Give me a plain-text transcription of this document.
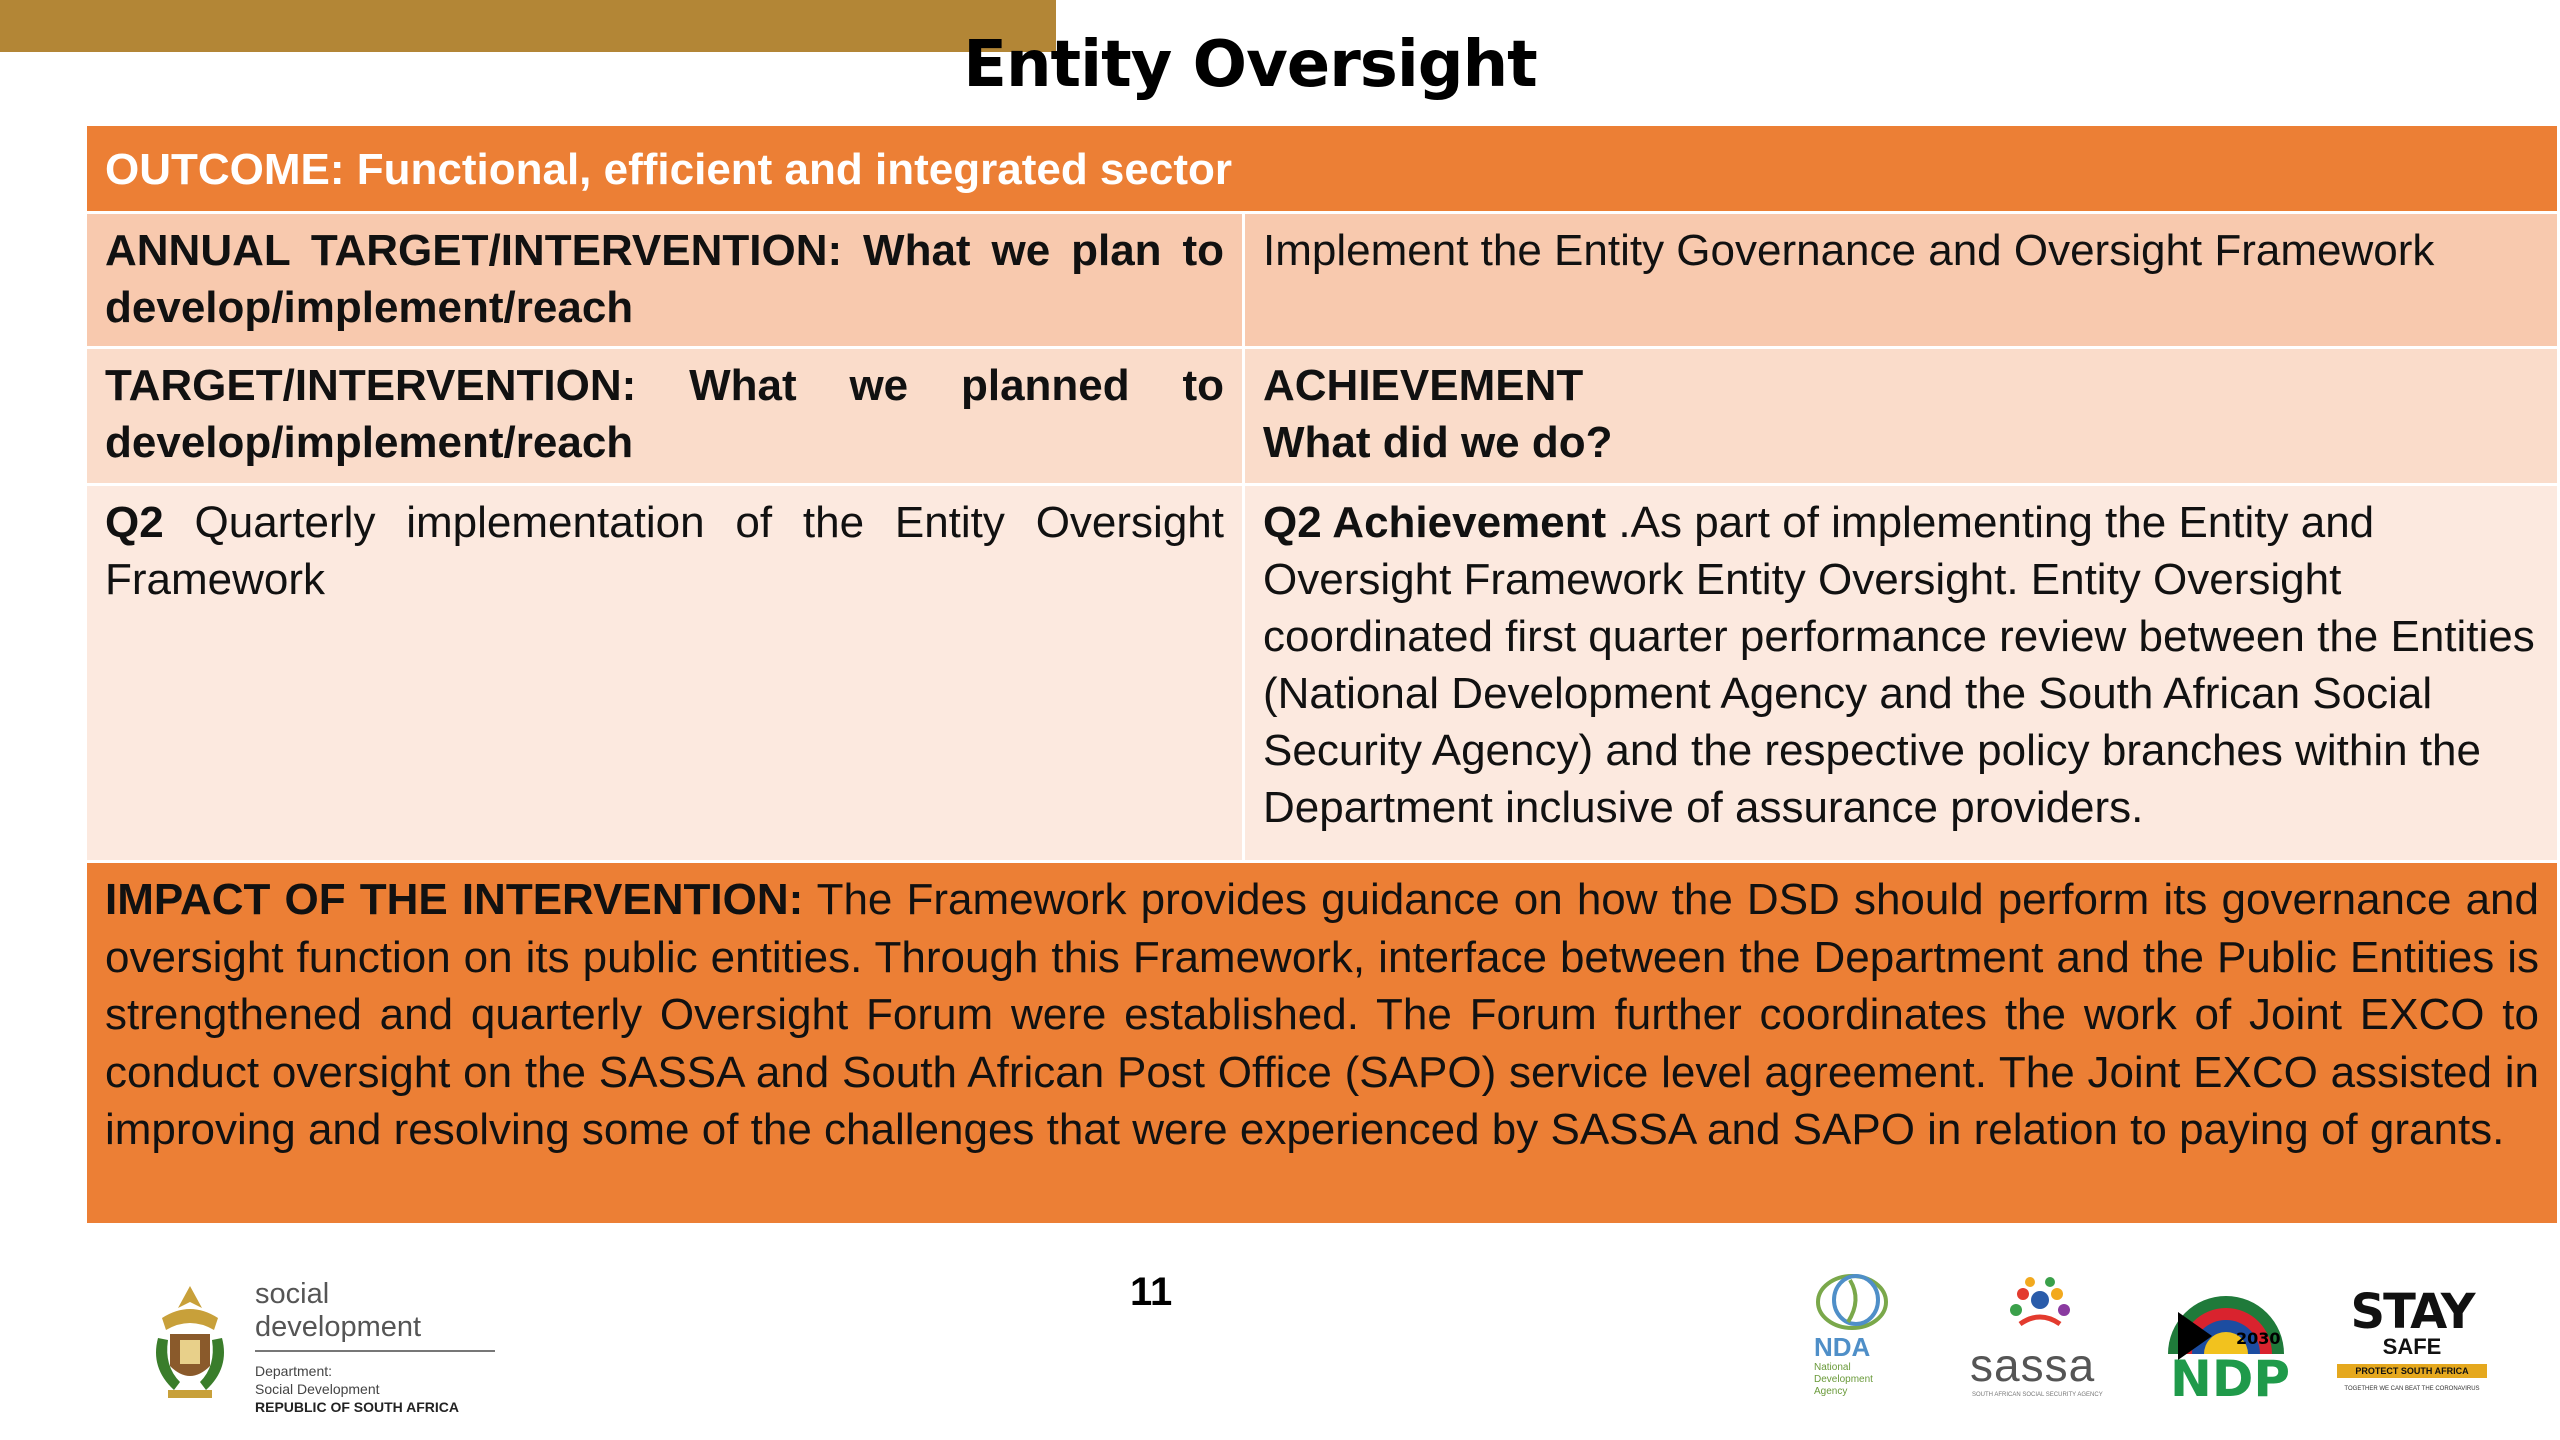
Entity Oversight
OUTCOME: Functional, efficient and integrated sector
ANNUAL TARGET/INTERVENTION: What we plan to develop/implement/reach
Implement the Entity Governance and Oversight Framework
TARGET/INTERVENTION: What we planned to develop/implement/reach
ACHIEVEMENT
What did we do?
Q2 Quarterly implementation of the Entity Oversight Framework
Q2 Achievement .As part of implementing the Entity and Oversight Framework Entity Oversight. Entity Oversight coordinated first quarter performance review between the Entities (National Development Agency and the South African Social Security Agency) and the respective policy branches within the Department inclusive of assurance providers.
IMPACT OF THE INTERVENTION: The Framework provides guidance on how the DSD should perform its governance and oversight function on its public entities. Through this Framework, interface between the Department and the Public Entities is strengthened and quarterly Oversight Forum were established. The Forum further coordinates the work of Joint EXCO to conduct oversight on the SASSA and South African Post Office (SAPO) service level agreement. The Joint EXCO assisted in improving and resolving some of the challenges that were experienced by SASSA and SAPO in relation to paying of grants.
11
social development
Department:
Social Development
REPUBLIC OF SOUTH AFRICA
NDA
National Development Agency
sassa
SOUTH AFRICAN SOCIAL SECURITY AGENCY
2030
NDP
STAY
SAFE
PROTECT SOUTH AFRICA
TOGETHER WE CAN BEAT THE CORONAVIRUS
